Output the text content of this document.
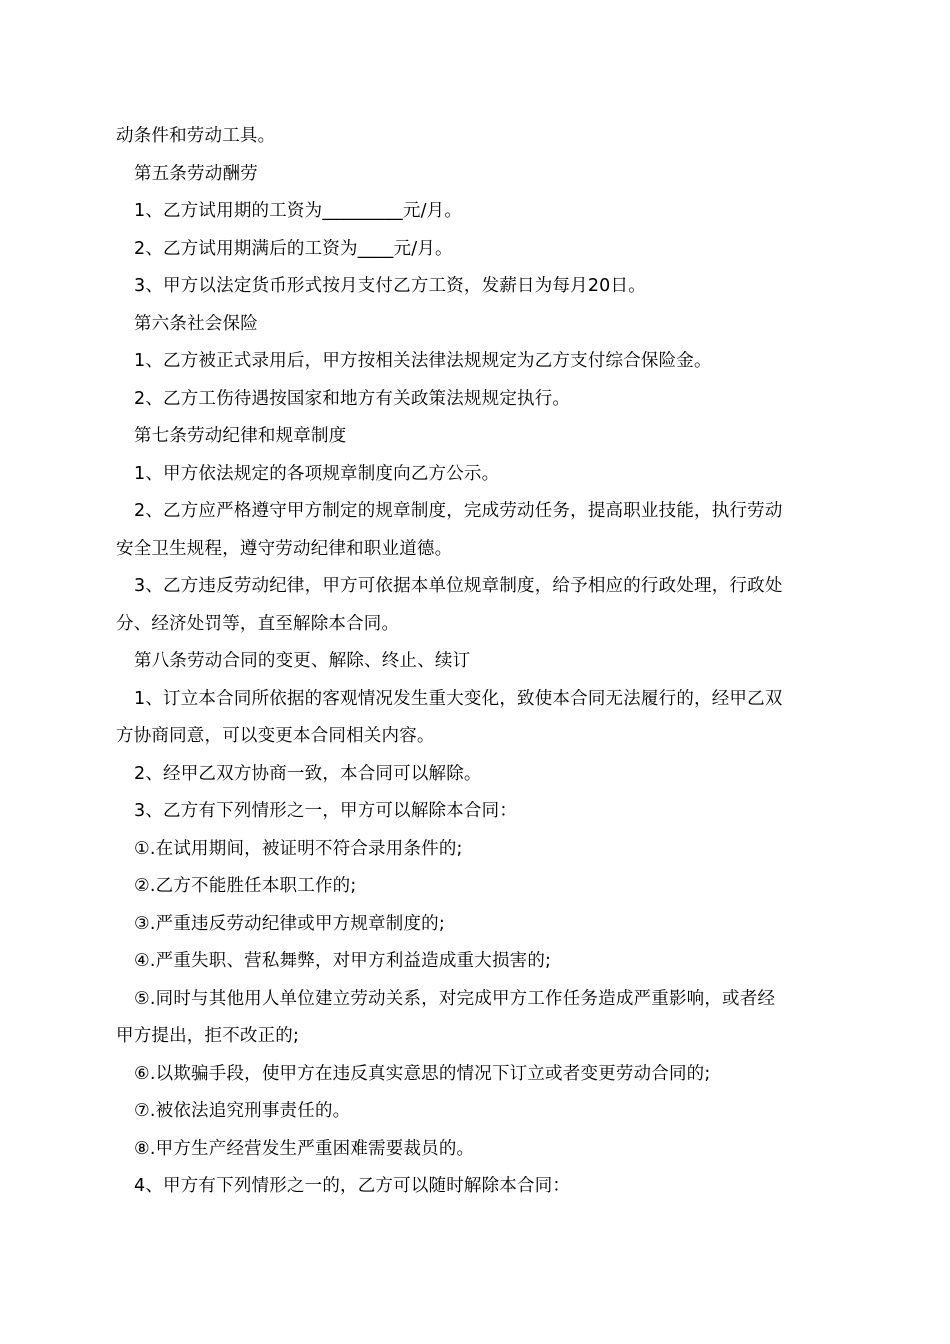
动条件和劳动工具。
第五条劳动酬劳
1、乙方试用期的工资为_________元/月。
2、乙方试用期满后的工资为____元/月。
3、甲方以法定货币形式按月支付乙方工资，发薪日为每月20日。
第六条社会保险
1、乙方被正式录用后，甲方按相关法律法规规定为乙方支付综合保险金。
2、乙方工伤待遇按国家和地方有关政策法规规定执行。
第七条劳动纪律和规章制度
1、甲方依法规定的各项规章制度向乙方公示。
2、乙方应严格遵守甲方制定的规章制度，完成劳动任务，提高职业技能，执行劳动
安全卫生规程，遵守劳动纪律和职业道德。
3、乙方违反劳动纪律，甲方可依据本单位规章制度，给予相应的行政处理，行政处
分、经济处罚等，直至解除本合同。
第八条劳动合同的变更、解除、终止、续订
1、订立本合同所依据的客观情况发生重大变化，致使本合同无法履行的，经甲乙双
方协商同意，可以变更本合同相关内容。
2、经甲乙双方协商一致，本合同可以解除。
3、乙方有下列情形之一，甲方可以解除本合同：
①.在试用期间，被证明不符合录用条件的;
②.乙方不能胜任本职工作的;
③.严重违反劳动纪律或甲方规章制度的;
④.严重失职、营私舞弊，对甲方利益造成重大损害的;
⑤.同时与其他用人单位建立劳动关系，对完成甲方工作任务造成严重影响，或者经
甲方提出，拒不改正的;
⑥.以欺骗手段，使甲方在违反真实意思的情况下订立或者变更劳动合同的;
⑦.被依法追究刑事责任的。
⑧.甲方生产经营发生严重困难需要裁员的。
4、甲方有下列情形之一的，乙方可以随时解除本合同：
